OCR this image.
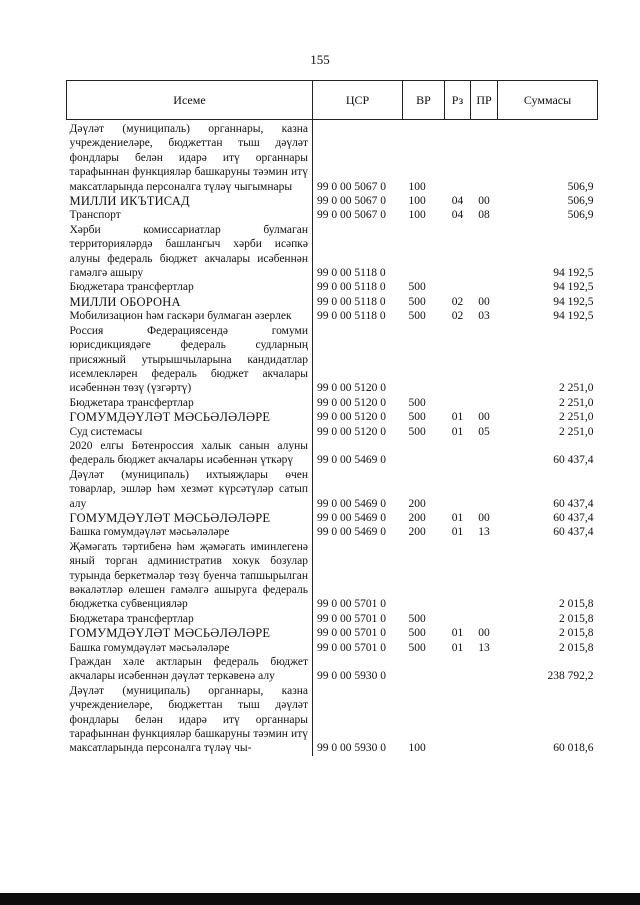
155
Исеме	ЦСР	ВР	Рз	ПР	Суммасы
Дәүләт (муниципаль) органнары, казна учреждениеләре, бюджеттан тыш дәүләт фондлары белән идарә итү органнары тарафыннан функцияләр башкаруны тәэмин итү максатларында персоналга түләү чыгымнары	99 0 00 5067 0	100			506,9
МИЛЛИ ИКЪТИСАД	99 0 00 5067 0	100	04	00	506,9
Транспорт	99 0 00 5067 0	100	04	08	506,9
Хәрби комиссариатлар булмаган территорияләрдә башлангыч хәрби исәпкә алуны федераль бюджет акчалары исәбеннән гамәлгә ашыру	99 0 00 5118 0				94 192,5
Бюджетара трансфертлар	99 0 00 5118 0	500			94 192,5
МИЛЛИ ОБОРОНА	99 0 00 5118 0	500	02	00	94 192,5
Мобилизацион һәм гаскәри булмаган әзерлек	99 0 00 5118 0	500	02	03	94 192,5
Россия Федерациясендә гомуми юрисдикциядәге федераль судларның присяжный утырышчыларына кандидатлар исемлекләрен федераль бюджет акчалары исәбеннән төзү (үзгәртү)	99 0 00 5120 0				2 251,0
Бюджетара трансфертлар	99 0 00 5120 0	500			2 251,0
ГОМУМДӘҮЛӘТ МӘСЬӘЛӘЛӘРЕ	99 0 00 5120 0	500	01	00	2 251,0
Суд системасы	99 0 00 5120 0	500	01	05	2 251,0
2020 елгы Бөтенроссия халык санын алуны федераль бюджет акчалары исәбеннән үткәрү	99 0 00 5469 0				60 437,4
Дәүләт (муниципаль) ихтыяҗлары өчен товарлар, эшләр һәм хезмәт күрсәтүләр сатып алу	99 0 00 5469 0	200			60 437,4
ГОМУМДӘҮЛӘТ МӘСЬӘЛӘЛӘРЕ	99 0 00 5469 0	200	01	00	60 437,4
Башка гомумдәүләт мәсьәләләре	99 0 00 5469 0	200	01	13	60 437,4
Җәмәгать тәртибенә һәм җәмәгать иминлегенә яный торган административ хокук бозулар турында беркетмәләр төзү буенча тапшырылган вәкаләтләр өлешен гамәлгә ашыруга федераль бюджетка субвенцияләр	99 0 00 5701 0				2 015,8
Бюджетара трансфертлар	99 0 00 5701 0	500			2 015,8
ГОМУМДӘҮЛӘТ МӘСЬӘЛӘЛӘРЕ	99 0 00 5701 0	500	01	00	2 015,8
Башка гомумдәүләт мәсьәләләре	99 0 00 5701 0	500	01	13	2 015,8
Граждан хәле актларын федераль бюджет акчалары исәбеннән дәүләт теркәвенә алу	99 0 00 5930 0				238 792,2
Дәүләт (муниципаль) органнары, казна учреждениеләре, бюджеттан тыш дәүләт фондлары белән идарә итү органнары тарафыннан функцияләр башкаруны тәэмин итү максатларында персоналга түләү чы-	99 0 00 5930 0	100			60 018,6
